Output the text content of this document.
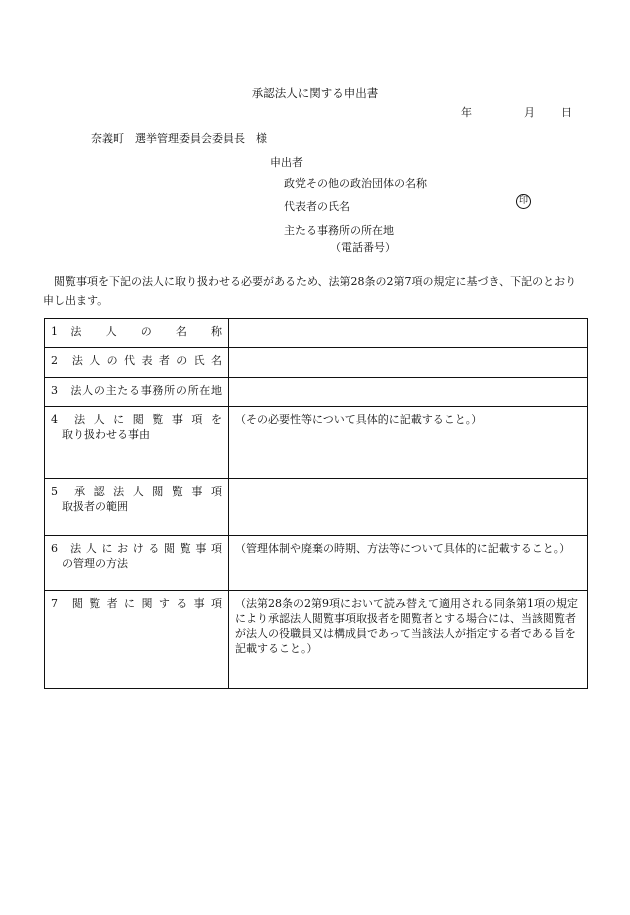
承認法人に関する申出書
年	月 日
奈義町　選挙管理委員会委員長　様
申出者
政党その他の政治団体の名称
代表者の氏名	印
主たる事務所の所在地
（電話番号）
閲覧事項を下記の法人に取り扱わせる必要があるため、法第28条の2第7項の規定に基づき、下記のとおり申し出ます。
1　法　　人　　の　　名　　称	
2　法 人 の 代 表 者 の 氏 名	
3　法人の主たる事務所の所在地	

4　法 人 に 閲 覧 事 項 を
取り扱わせる事由	（その必要性等について具体的に記載すること。）

5　承 認 法 人 閲 覧 事 項
取扱者の範囲	

6　法 人 に お け る 閲 覧 事 項
の管理の方法	（管理体制や廃棄の時期、方法等について具体的に記載すること。）
7　閲 覧 者 に 関 す る 事 項	（法第28条の2第9項において読み替えて適用される同条第1項の規定により承認法人閲覧事項取扱者を閲覧者とする場合には、当該閲覧者が法人の役職員又は構成員であって当該法人が指定する者である旨を記載すること。）
